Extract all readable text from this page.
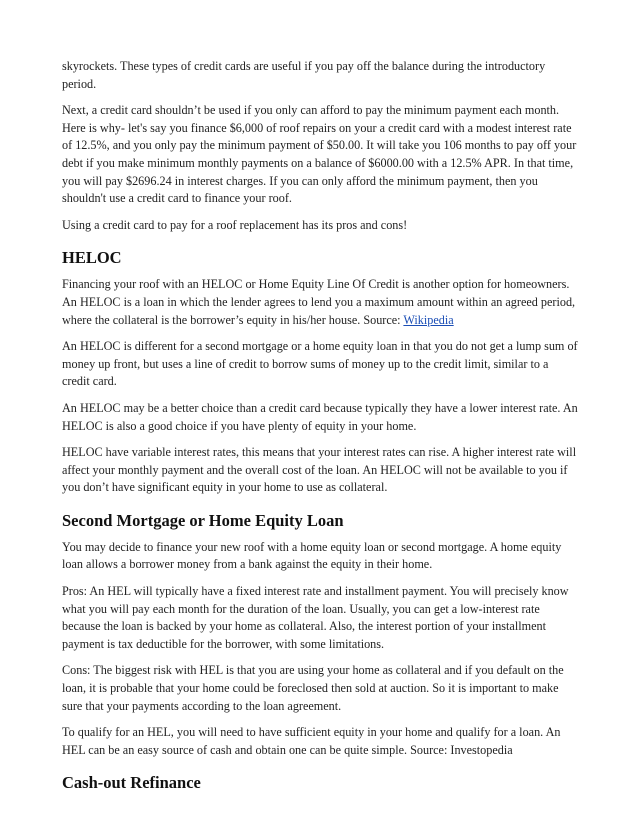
skyrockets. These types of credit cards are useful if you pay off the balance during the introductory period.

Next, a credit card shouldn’t be used if you only can afford to pay the minimum payment each month. Here is why- let's say you finance $6,000 of roof repairs on your a credit card with a modest interest rate of 12.5%, and you only pay the minimum payment of $50.00. It will take you 106 months to pay off your debt if you make minimum monthly payments on a balance of $6000.00 with a 12.5% APR. In that time, you will pay $2696.24 in interest charges. If you can only afford the minimum payment, then you shouldn't use a credit card to finance your roof.

Using a credit card to pay for a roof replacement has its pros and cons!

HELOC

Financing your roof with an HELOC or Home Equity Line Of Credit is another option for homeowners. An HELOC is a loan in which the lender agrees to lend you a maximum amount within an agreed period, where the collateral is the borrower’s equity in his/her house. Source: Wikipedia

An HELOC is different for a second mortgage or a home equity loan in that you do not get a lump sum of money up front, but uses a line of credit to borrow sums of money up to the credit limit, similar to a credit card.

An HELOC may be a better choice than a credit card because typically they have a lower interest rate. An HELOC is also a good choice if you have plenty of equity in your home.

HELOC have variable interest rates, this means that your interest rates can rise. A higher interest rate will affect your monthly payment and the overall cost of the loan. An HELOC will not be available to you if you don’t have significant equity in your home to use as collateral.

Second Mortgage or Home Equity Loan

You may decide to finance your new roof with a home equity loan or second mortgage. A home equity loan allows a borrower money from a bank against the equity in their home.

Pros: An HEL will typically have a fixed interest rate and installment payment. You will precisely know what you will pay each month for the duration of the loan. Usually, you can get a low-interest rate because the loan is backed by your home as collateral. Also, the interest portion of your installment payment is tax deductible for the borrower, with some limitations.

Cons: The biggest risk with HEL is that you are using your home as collateral and if you default on the loan, it is probable that your home could be foreclosed then sold at auction. So it is important to make sure that your payments according to the loan agreement.

To qualify for an HEL, you will need to have sufficient equity in your home and qualify for a loan. An HEL can be an easy source of cash and obtain one can be quite simple. Source: Investopedia

Cash-out Refinance
